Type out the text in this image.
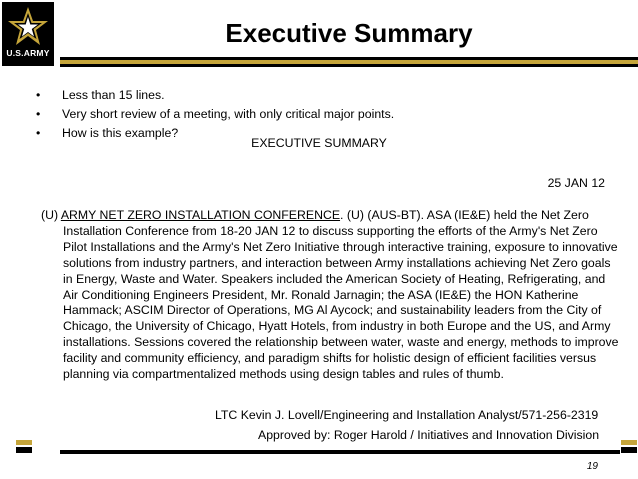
U.S.ARMY
Executive Summary
• Less than 15 lines.
• Very short review of a meeting, with only critical major points.
• How is this example?
EXECUTIVE SUMMARY
25 JAN 12
(U) ARMY NET ZERO INSTALLATION CONFERENCE. (U) (AUS-BT). ASA (IE&E) held the Net Zero Installation Conference from 18-20 JAN 12 to discuss supporting the efforts of the Army's Net Zero Pilot Installations and the Army's Net Zero Initiative through interactive training, exposure to innovative solutions from industry partners, and interaction between Army installations achieving Net Zero goals in Energy, Waste and Water. Speakers included the American Society of Heating, Refrigerating, and Air Conditioning Engineers President, Mr. Ronald Jarnagin; the ASA (IE&E) the HON Katherine Hammack; ASCIM Director of Operations, MG Al Aycock; and sustainability leaders from the City of Chicago, the University of Chicago, Hyatt Hotels, from industry in both Europe and the US, and Army installations. Sessions covered the relationship between water, waste and energy, methods to improve facility and community efficiency, and paradigm shifts for holistic design of efficient facilities versus planning via compartmentalized methods using design tables and rules of thumb.
LTC Kevin J. Lovell/Engineering and Installation Analyst/571-256-2319
Approved by: Roger Harold / Initiatives and Innovation Division
19
